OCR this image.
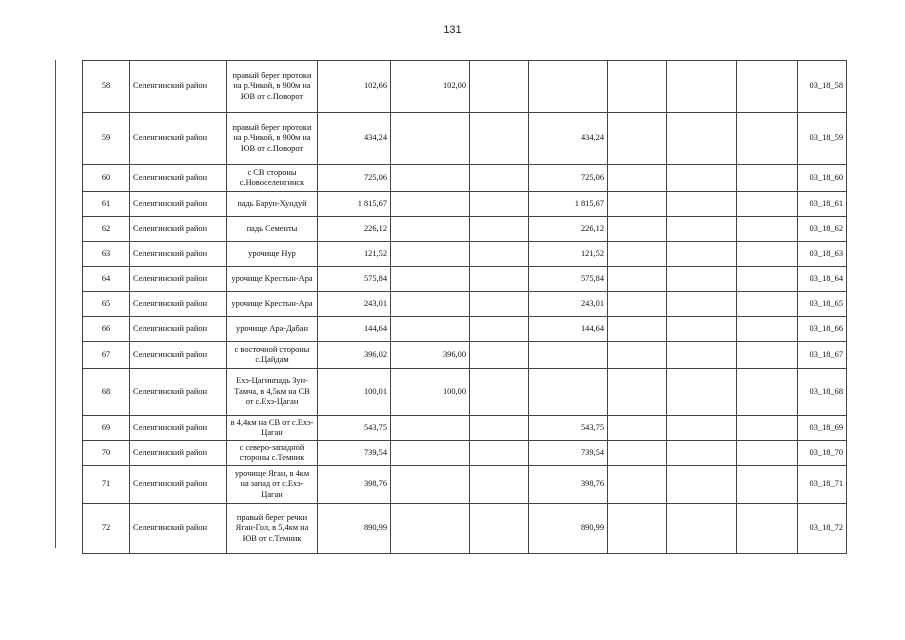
131
58	Селенгинский район	правый берег протоки на р.Чикой, в 900м на ЮВ от с.Поворот	102,66	102,00						03_18_58
59	Селенгинский район	правый берег протоки на р.Чикой, в 900м на ЮВ от с.Поворот	434,24			434,24				03_18_59
60	Селенгинский район	с СВ стороны с.Новоселенгинск	725,06			725,06				03_18_60
61	Селенгинский район	падь Барун-Хундуй	1 815,67			1 815,67				03_18_61
62	Селенгинский район	падь Сементы	226,12			226,12				03_18_62
63	Селенгинский район	урочище Нур	121,52			121,52				03_18_63
64	Селенгинский район	урочище Крестын-Ара	575,84			575,84				03_18_64
65	Селенгинский район	урочище Крестын-Ара	243,01			243,01				03_18_65
66	Селенгинский район	урочище Ара-Дабан	144,64			144,64				03_18_66
67	Селенгинский район	с восточной стороны с.Цайдам	396,02	396,00						03_18_67
68	Селенгинский район	Ехэ-Цагинпадь Зун-Тамча, в 4,5км на СВ от с.Ехэ-Цаган	100,01	100,00						03_18_68
69	Селенгинский район	в 4,4км на СВ от с.Ехэ-Цаган	543,75			543,75				03_18_69
70	Селенгинский район	с северо-западной стороны с.Темник	739,54			739,54				03_18_70
71	Селенгинский район	урочище Яган, в 4км на запад от с.Ехэ-Цаган	398,76			398,76				03_18_71
72	Селенгинский район	правый берег речки Яган-Гол, в 5,4км на ЮВ от с.Темник	890,99			890,99				03_18_72
